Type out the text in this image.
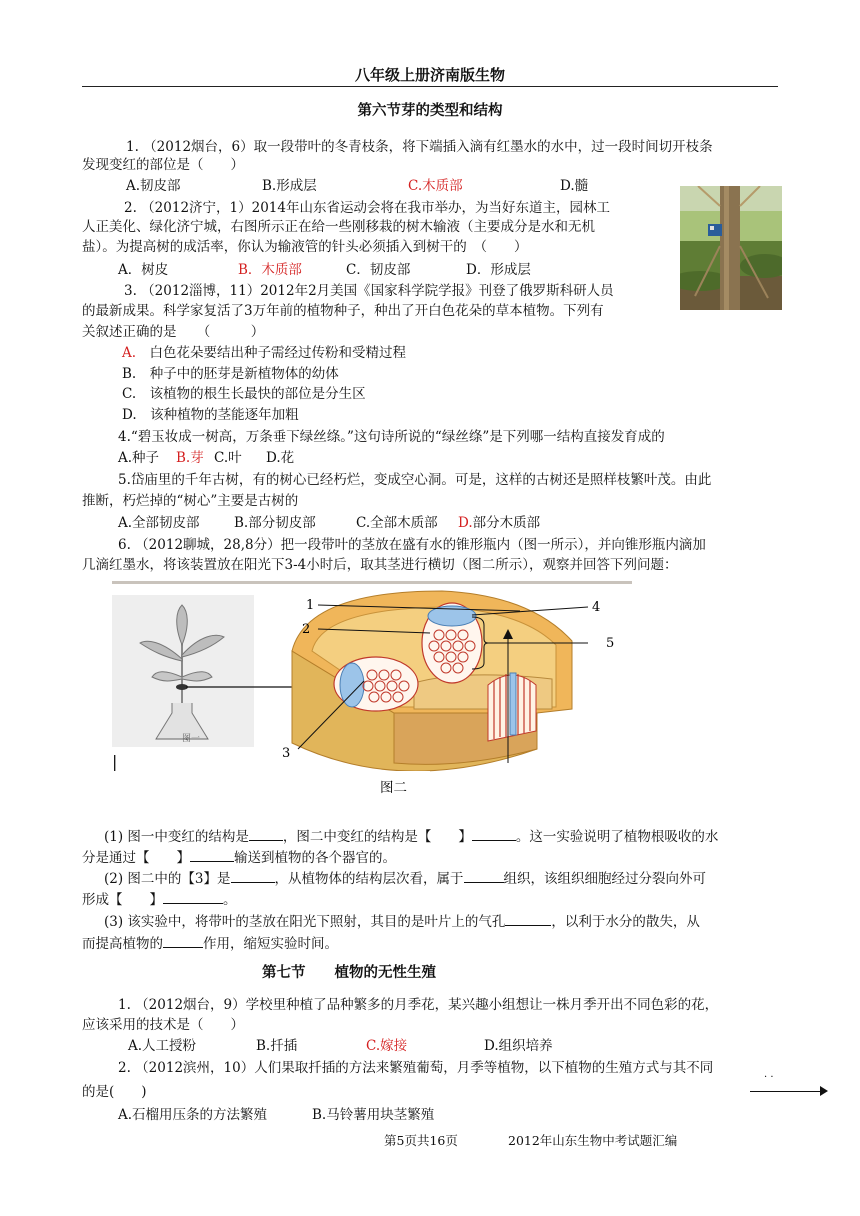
八年级上册济南版生物
第六节芽的类型和结构
1. （2012烟台，6）取一段带叶的冬青枝条，将下端插入滴有红墨水的水中，过一段时间切开枝条
发现变红的部位是（　　）
A.韧皮部	B.形成层	C.木质部	D.髓
2. （2012济宁，1）2014年山东省运动会将在我市举办，为当好东道主，园林工
人正美化、绿化济宁城，右图所示正在给一些刚移栽的树木输液（主要成分是水和无机
盐）。为提高树的成活率，你认为输液管的针头必须插入到树干的　（　　）
A．树皮	B．木质部	C．韧皮部	D．形成层
3. （2012淄博，11）2012年2月美国《国家科学院学报》刊登了俄罗斯科研人员
的最新成果。科学家复活了3万年前的植物种子，种出了开白色花朵的草本植物。下列有
关叙述正确的是　　（　　　）
A.　白色花朵要结出种子需经过传粉和受精过程
B.　种子中的胚芽是新植物体的幼体
C.　该植物的根生长最快的部位是分生区
D.　该种植物的茎能逐年加粗
4.“碧玉妆成一树高，万条垂下绿丝绦。”这句诗所说的“绿丝绦”是下列哪一结构直接发育成的
A.种子 B.芽 C.叶 D.花
5.岱庙里的千年古树，有的树心已经朽烂，变成空心洞。可是，这样的古树还是照样枝繁叶茂。由此
推断，朽烂掉的“树心”主要是古树的
A.全部韧皮部	B.部分韧皮部	C.全部木质部 D.部分木质部
6. （2012聊城，28,8分）把一段带叶的茎放在盛有水的锥形瓶内（图一所示），并向锥形瓶内滴加
几滴红墨水，将该装置放在阳光下3-4小时后，取其茎进行横切（图二所示），观察并回答下列问题：
图一
|
1
2
3
4
5
图二
(1) 图一中变红的结构是	，图二中变红的结构是【　　】	。这一实验说明了植物根吸收的水
分是通过【　　】	输送到植物的各个器官的。
(2) 图二中的【3】是	，从植物体的结构层次看，属于	组织，该组织细胞经过分裂向外可
形成【　　】	。
(3) 该实验中，将带叶的茎放在阳光下照射，其目的是叶片上的气孔	，以利于水分的散失，从
而提高植物的	作用，缩短实验时间。
第七节　　植物的无性生殖
1. （2012烟台，9）学校里种植了品种繁多的月季花，某兴趣小组想让一株月季开出不同色彩的花，
应该采用的技术是（　　）
A.人工授粉	B.扦插	C.嫁接	D.组织培养
2. （2012滨州，10）人们果取扦插的方法来繁殖葡萄，月季等植物，以下植物的生殖方式与其不同
的是(　　)
· ·
A.石榴用压条的方法繁殖	B.马铃薯用块茎繁殖
第5页共16页	2012年山东生物中考试题汇编
